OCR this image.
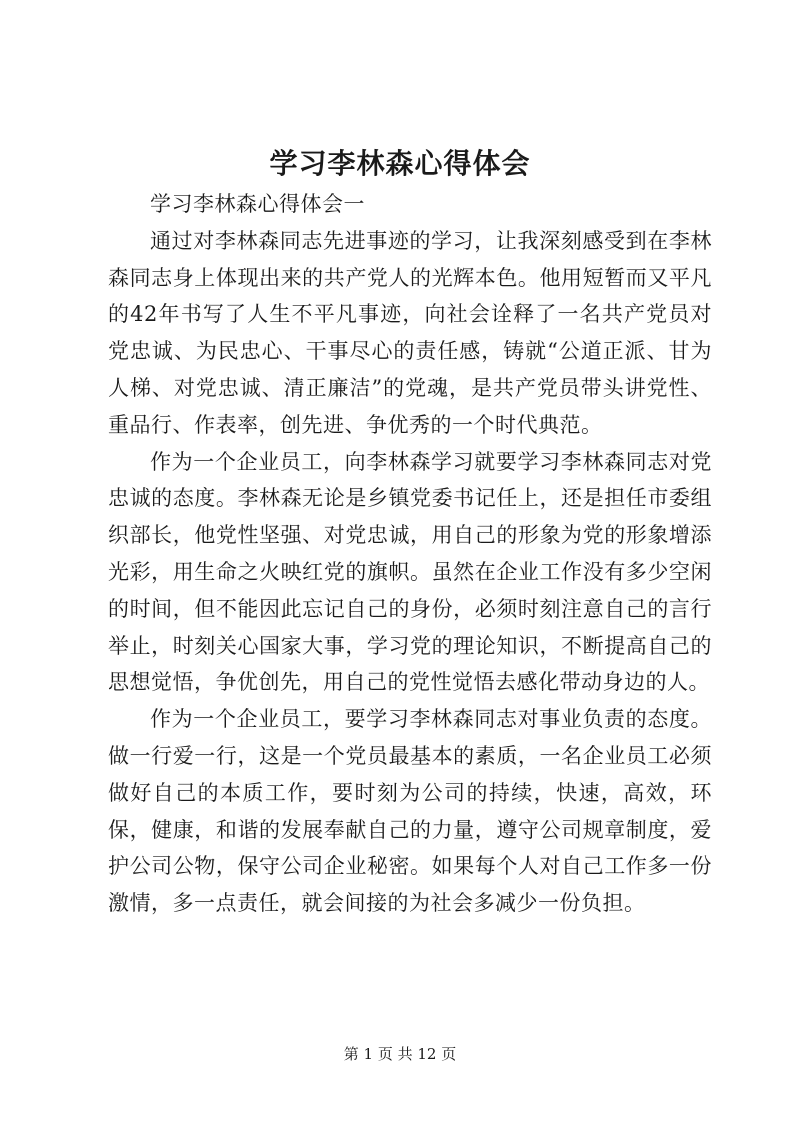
学习李林森心得体会

学习李林森心得体会一

通过对李林森同志先进事迹的学习，让我深刻感受到在李林森同志身上体现出来的共产党人的光辉本色。他用短暂而又平凡的42年书写了人生不平凡事迹，向社会诠释了一名共产党员对党忠诚、为民忠心、干事尽心的责任感，铸就“公道正派、甘为人梯、对党忠诚、清正廉洁”的党魂，是共产党员带头讲党性、重品行、作表率，创先进、争优秀的一个时代典范。

作为一个企业员工，向李林森学习就要学习李林森同志对党忠诚的态度。李林森无论是乡镇党委书记任上，还是担任市委组织部长，他党性坚强、对党忠诚，用自己的形象为党的形象增添光彩，用生命之火映红党的旗帜。虽然在企业工作没有多少空闲的时间，但不能因此忘记自己的身份，必须时刻注意自己的言行举止，时刻关心国家大事，学习党的理论知识，不断提高自己的思想觉悟，争优创先，用自己的党性觉悟去感化带动身边的人。

作为一个企业员工，要学习李林森同志对事业负责的态度。做一行爱一行，这是一个党员最基本的素质，一名企业员工必须做好自己的本质工作，要时刻为公司的持续，快速，高效，环保，健康，和谐的发展奉献自己的力量，遵守公司规章制度，爱护公司公物，保守公司企业秘密。如果每个人对自己工作多一份激情，多一点责任，就会间接的为社会多减少一份负担。

第 1 页 共 12 页
